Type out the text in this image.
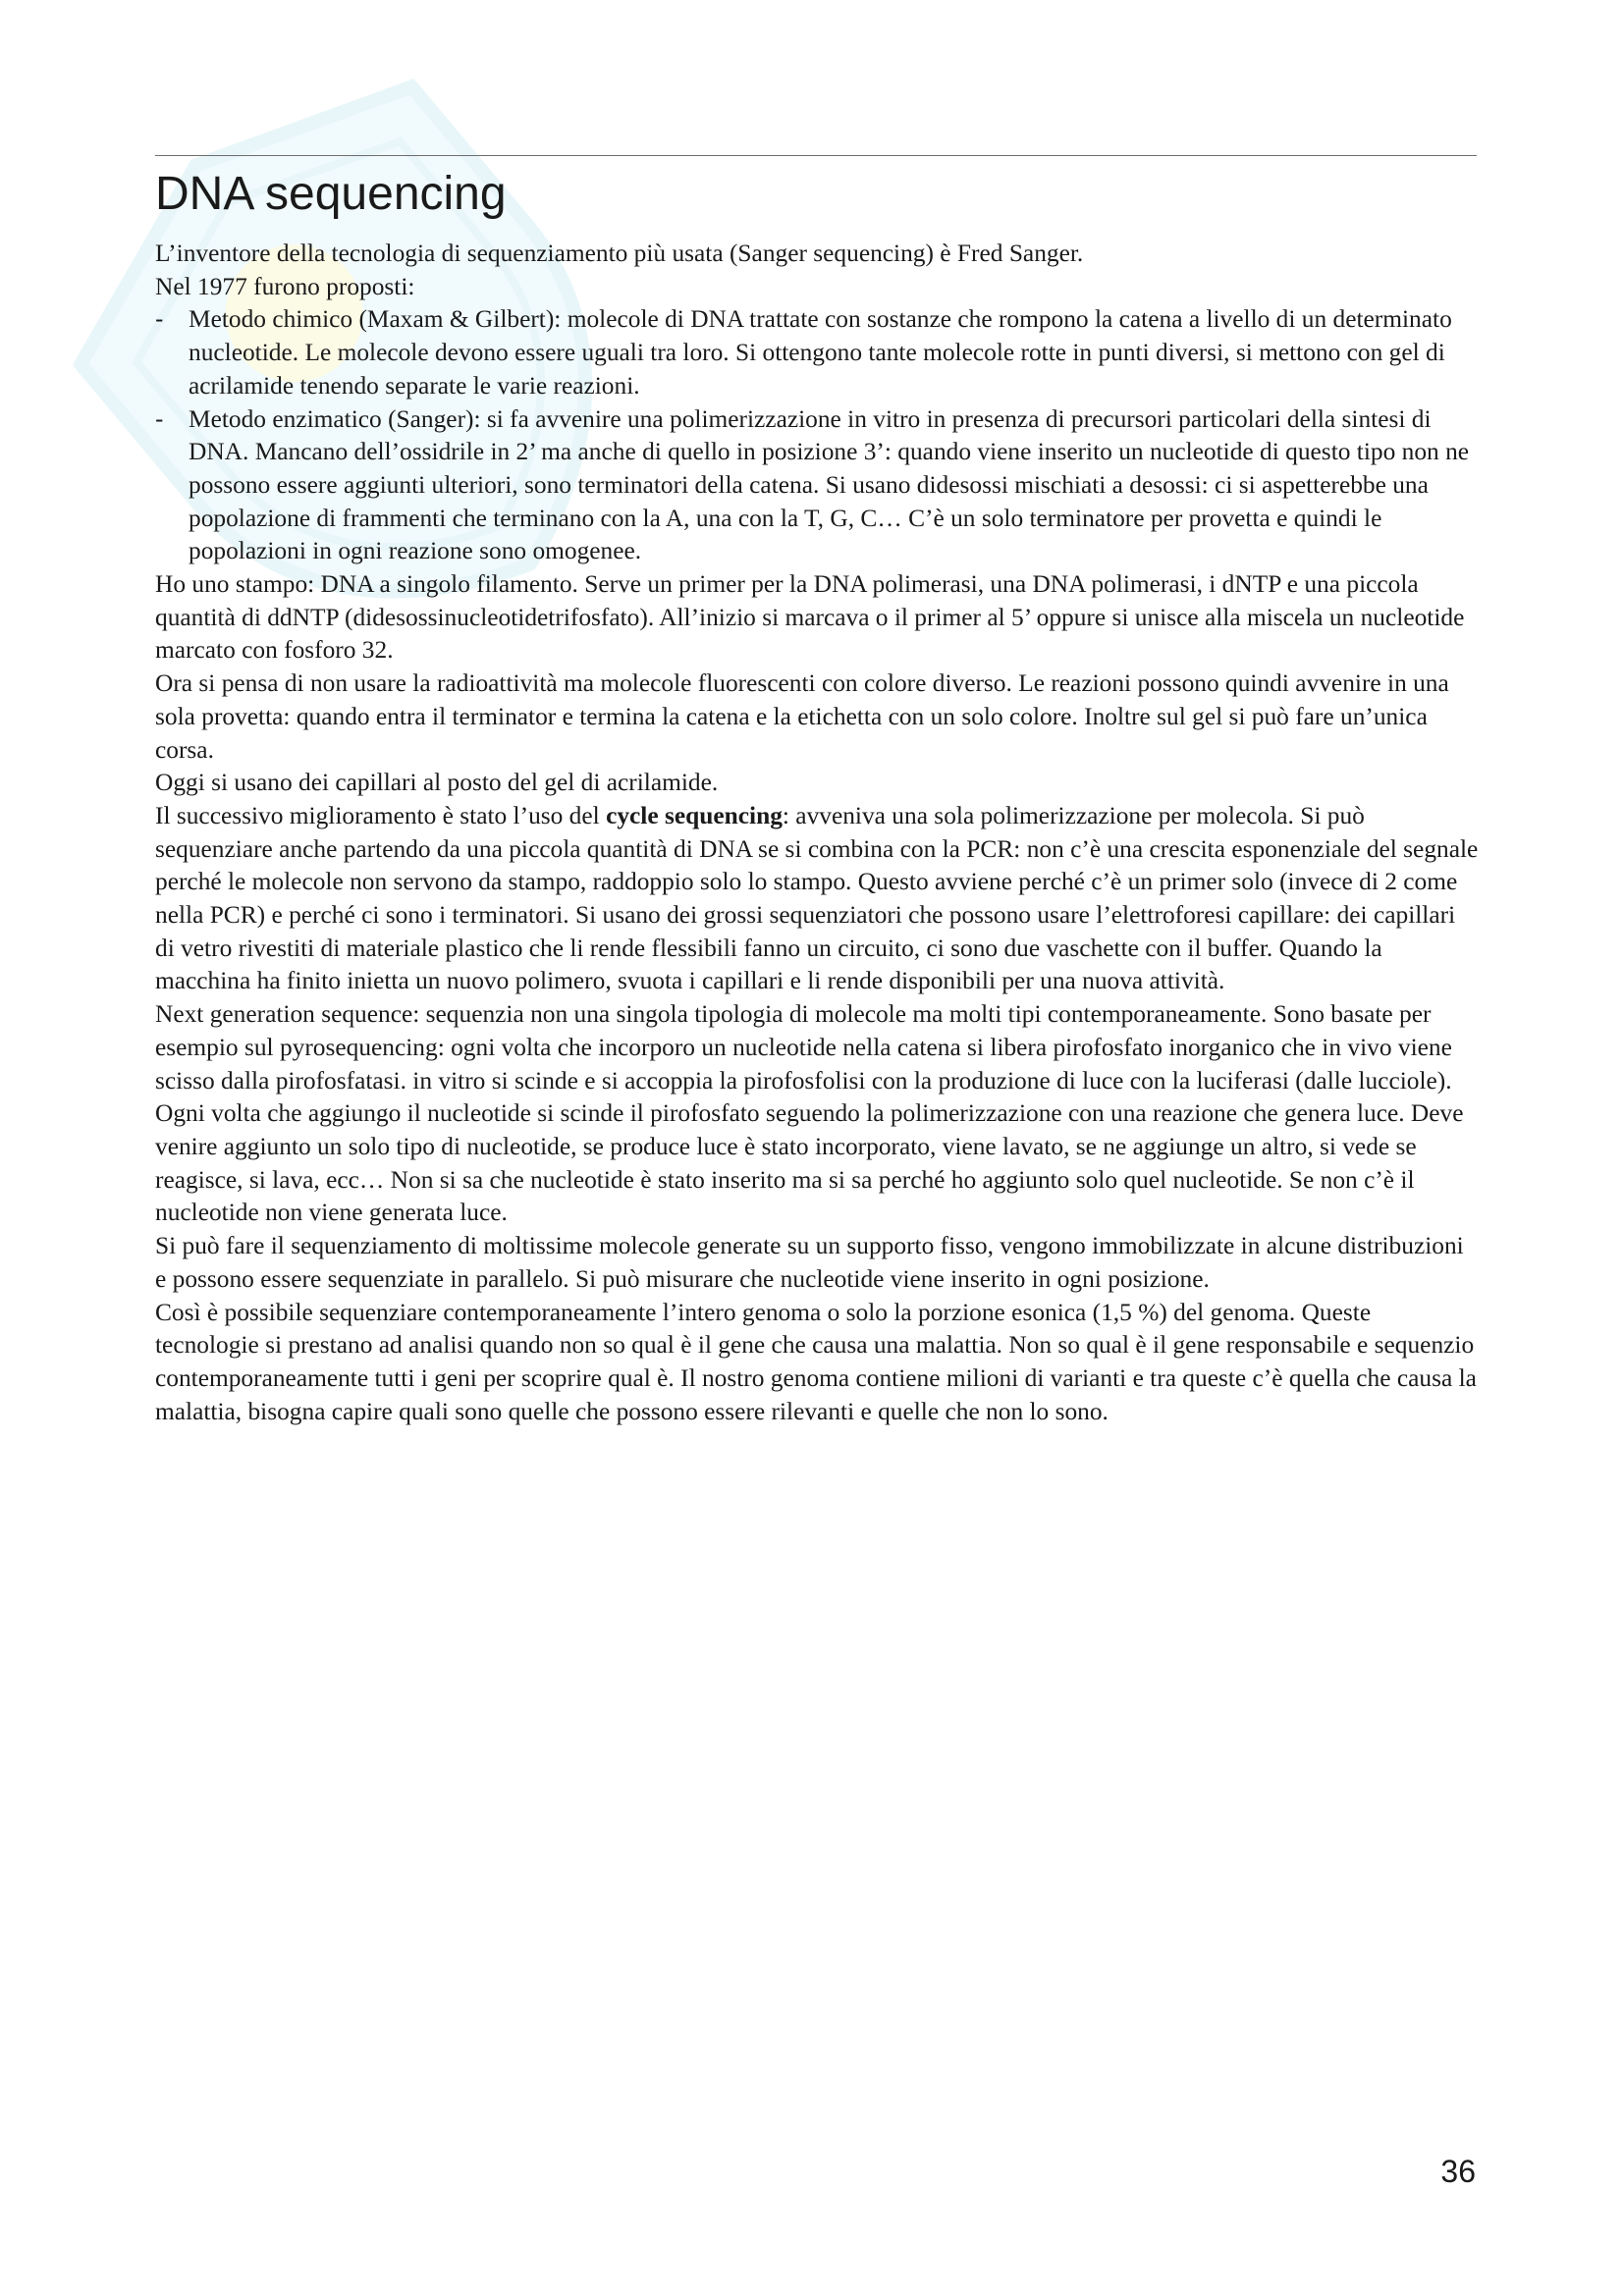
DNA sequencing

L’inventore della tecnologia di sequenziamento più usata (Sanger sequencing) è Fred Sanger.

Nel 1977 furono proposti:

- Metodo chimico (Maxam & Gilbert): molecole di DNA trattate con sostanze che rompono la catena a livello di un determinato nucleotide. Le molecole devono essere uguali tra loro. Si ottengono tante molecole rotte in punti diversi, si mettono con gel di acrilamide tenendo separate le varie reazioni.
- Metodo enzimatico (Sanger): si fa avvenire una polimerizzazione in vitro in presenza di precursori particolari della sintesi di DNA. Mancano dell’ossidrile in 2’ ma anche di quello in posizione 3’: quando viene inserito un nucleotide di questo tipo non ne possono essere aggiunti ulteriori, sono terminatori della catena. Si usano didesossi mischiati a desossi: ci si aspetterebbe una popolazione di frammenti che terminano con la A, una con la T, G, C… C’è un solo terminatore per provetta e quindi le popolazioni in ogni reazione sono omogenee.

Ho uno stampo: DNA a singolo filamento. Serve un primer per la DNA polimerasi, una DNA polimerasi, i dNTP e una piccola quantità di ddNTP (didesossinucleotidetrifosfato). All’inizio si marcava o il primer al 5’ oppure si unisce alla miscela un nucleotide marcato con fosforo 32.

Ora si pensa di non usare la radioattività ma molecole fluorescenti con colore diverso. Le reazioni possono quindi avvenire in una sola provetta: quando entra il terminator e termina la catena e la etichetta con un solo colore. Inoltre sul gel si può fare un’unica corsa.

Oggi si usano dei capillari al posto del gel di acrilamide.

Il successivo miglioramento è stato l’uso del cycle sequencing: avveniva una sola polimerizzazione per molecola. Si può sequenziare anche partendo da una piccola quantità di DNA se si combina con la PCR: non c’è una crescita esponenziale del segnale perché le molecole non servono da stampo, raddoppio solo lo stampo. Questo avviene perché c’è un primer solo (invece di 2 come nella PCR) e perché ci sono i terminatori. Si usano dei grossi sequenziatori che possono usare l’elettroforesi capillare: dei capillari di vetro rivestiti di materiale plastico che li rende flessibili fanno un circuito, ci sono due vaschette con il buffer. Quando la macchina ha finito inietta un nuovo polimero, svuota i capillari e li rende disponibili per una nuova attività.

Next generation sequence: sequenzia non una singola tipologia di molecole ma molti tipi contemporaneamente. Sono basate per esempio sul pyrosequencing: ogni volta che incorporo un nucleotide nella catena si libera pirofosfato inorganico che in vivo viene scisso dalla pirofosfatasi. in vitro si scinde e si accoppia la pirofosfolisi con la produzione di luce con la luciferasi (dalle lucciole). Ogni volta che aggiungo il nucleotide si scinde il pirofosfato seguendo la polimerizzazione con una reazione che genera luce. Deve venire aggiunto un solo tipo di nucleotide, se produce luce è stato incorporato, viene lavato, se ne aggiunge un altro, si vede se reagisce, si lava, ecc… Non si sa che nucleotide è stato inserito ma si sa perché ho aggiunto solo quel nucleotide. Se non c’è il nucleotide non viene generata luce.

Si può fare il sequenziamento di moltissime molecole generate su un supporto fisso, vengono immobilizzate in alcune distribuzioni e possono essere sequenziate in parallelo. Si può misurare che nucleotide viene inserito in ogni posizione.

Così è possibile sequenziare contemporaneamente l’intero genoma o solo la porzione esonica (1,5 %) del genoma. Queste tecnologie si prestano ad analisi quando non so qual è il gene che causa una malattia. Non so qual è il gene responsabile e sequenzio contemporaneamente tutti i geni per scoprire qual è. Il nostro genoma contiene milioni di varianti e tra queste c’è quella che causa la malattia, bisogna capire quali sono quelle che possono essere rilevanti e quelle che non lo sono.

36
